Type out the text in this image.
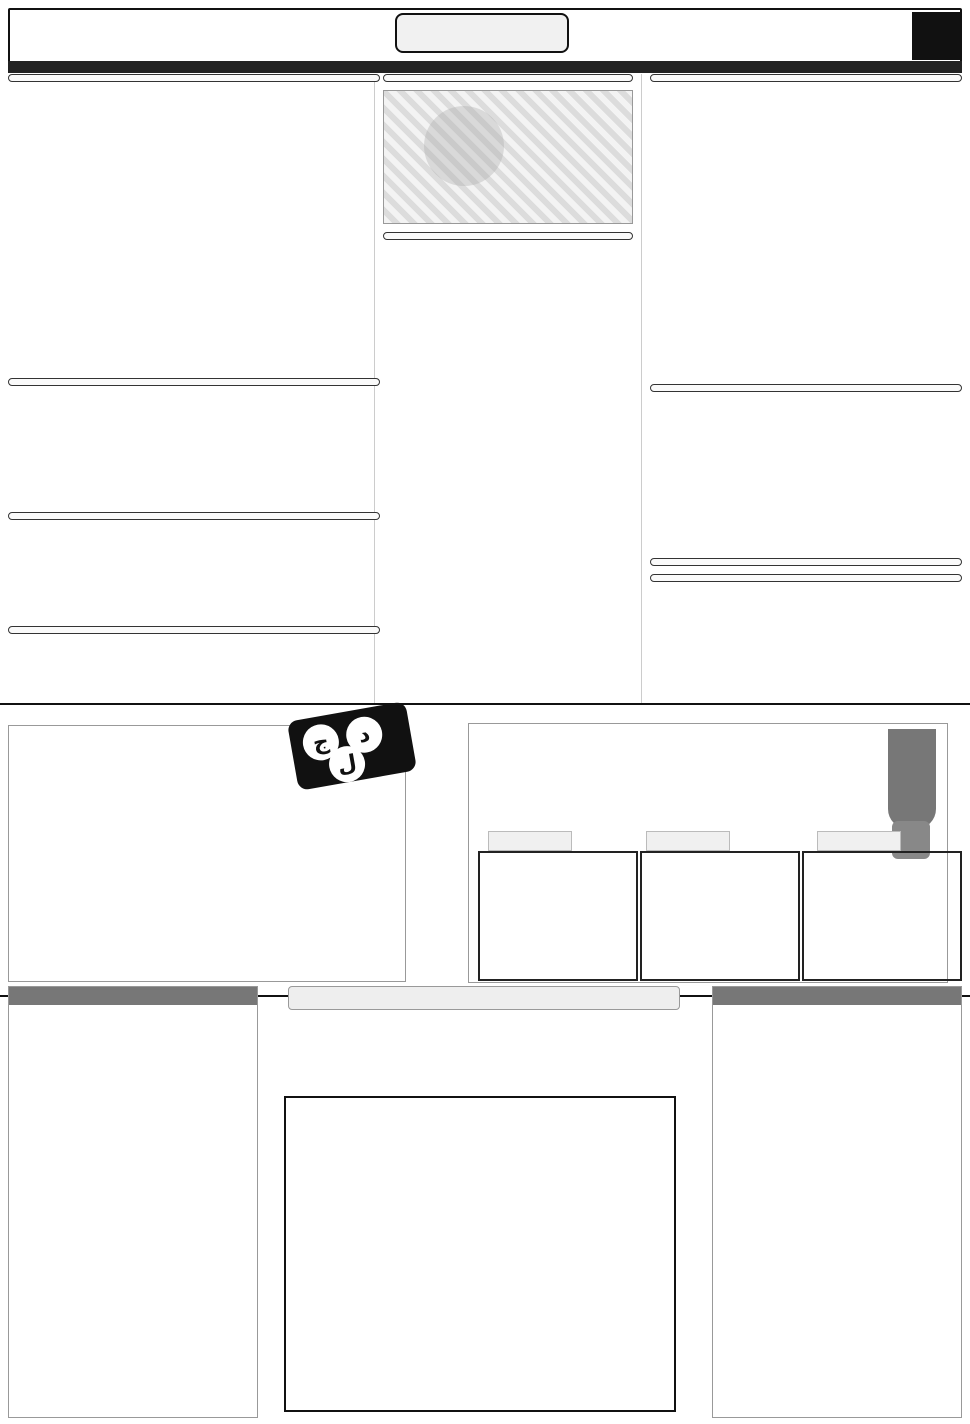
ج	د
ل
